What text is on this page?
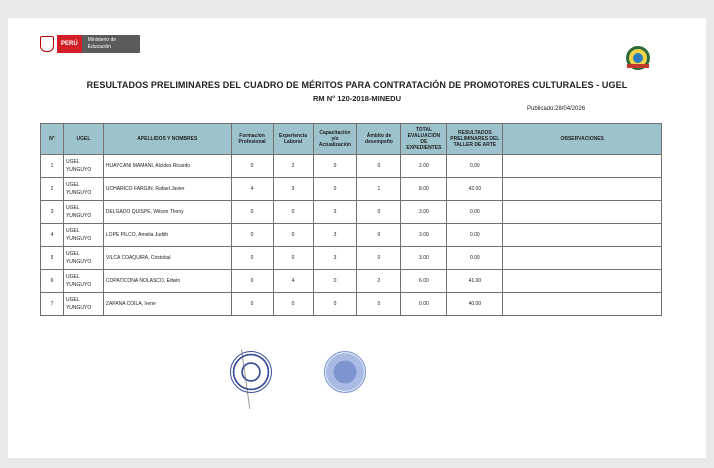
PERÚ
Ministerio de Educación
RESULTADOS PRELIMINARES DEL CUADRO DE MÉRITOS PARA CONTRATACIÓN DE PROMOTORES CULTURALES - UGEL
RM N° 120-2018-MINEDU
Publicado:28/04/2026
N°	UGEL	APELLIDOS Y NOMBRES	Formación Profesional	Experiencia Laboral	Capacitación y/o Actualización	Ámbito de desempeño	TOTAL EVALUACIÓN DE EXPEDIENTES	RESULTADOS PRELIMINARES DEL TALLER DE ARTE	OBSERVACIONES
1	UGEL YUNGUYO	HUAYCANI MAMANI, Alcides Ricardo	0	2	0	0	2.00	0.00	
2	UGEL YUNGUYO	UCHARICO FARGIN, Rafael Javier	4	3	0	1	8.00	42.00	
3	UGEL YUNGUYO	DELGADO QUISPE, Wilson Thony	0	0	3	0	3.00	0.00	
4	UGEL YUNGUYO	LOPE PILCO, Amelia Judith	0	0	3	0	3.00	0.00	
5	UGEL YUNGUYO	VILCA COAQUIRA, Cristobal	0	0	3	0	3.00	0.00	
6	UGEL YUNGUYO	COPATICONA NOLASCO, Edwin	0	4	0	2	6.00	41.00	
7	UGEL YUNGUYO	ZAPANA COILA, Irene	0	0	0	0	0.00	40.00	
